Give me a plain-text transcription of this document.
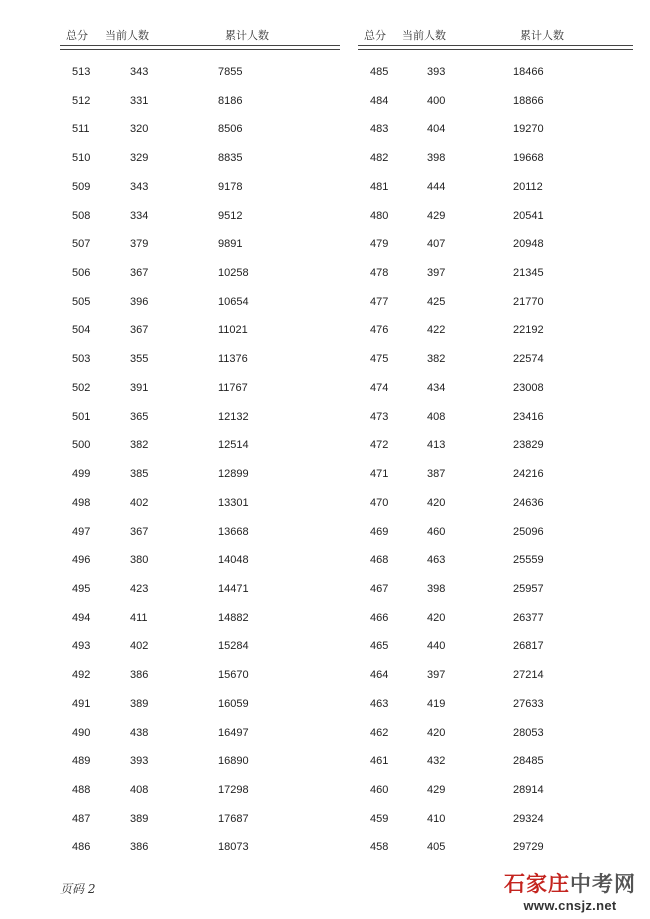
总分 当前人数	累计人数
513	343	7855
512	331	8186
511	320	8506
510	329	8835
509	343	9178
508	334	9512
507	379	9891
506	367	10258
505	396	10654
504	367	11021
503	355	11376
502	391	11767
501	365	12132
500	382	12514
499	385	12899
498	402	13301
497	367	13668
496	380	14048
495	423	14471
494	411	14882
493	402	15284
492	386	15670
491	389	16059
490	438	16497
489	393	16890
488	408	17298
487	389	17687
486	386	18073
总分 当前人数	累计人数
485	393	18466
484	400	18866
483	404	19270
482	398	19668
481	444	20112
480	429	20541
479	407	20948
478	397	21345
477	425	21770
476	422	22192
475	382	22574
474	434	23008
473	408	23416
472	413	23829
471	387	24216
470	420	24636
469	460	25096
468	463	25559
467	398	25957
466	420	26377
465	440	26817
464	397	27214
463	419	27633
462	420	28053
461	432	28485
460	429	28914
459	410	29324
458	405	29729
页码 2	石家庄中考网
www.cnsjz.net
